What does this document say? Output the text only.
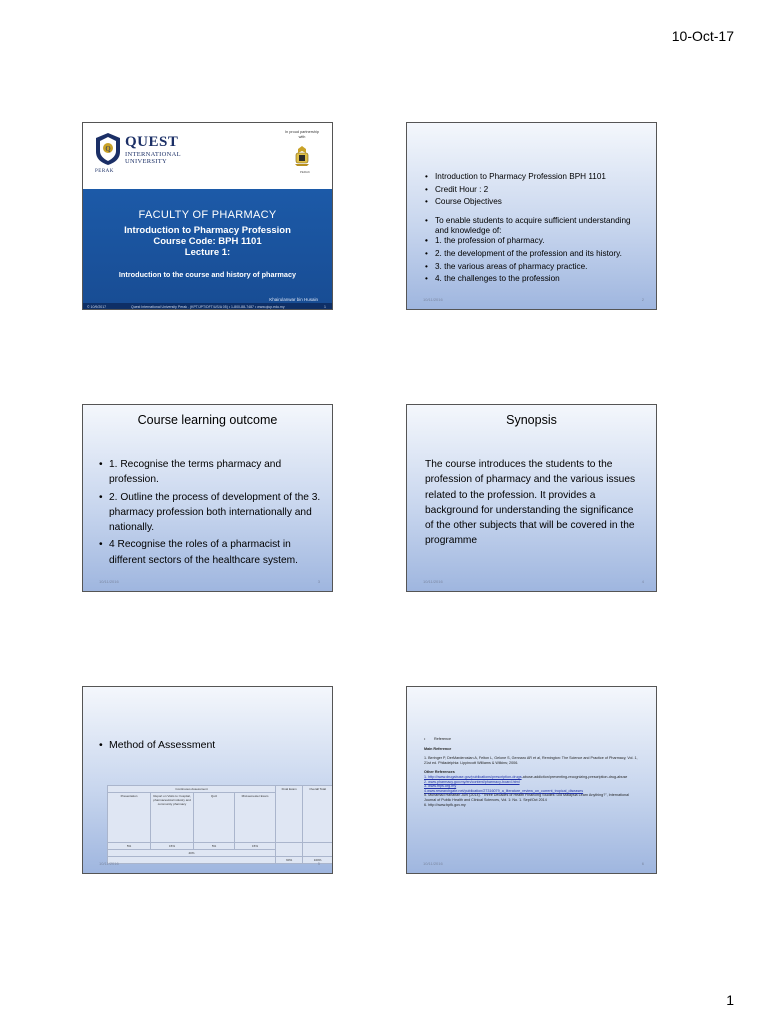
10-Oct-17
Q QUEST
INTERNATIONAL
UNIVERSITY
PERAK
In proud partnership with
PERAK
FACULTY OF PHARMACY
Introduction to Pharmacy Profession
Course Code: BPH 1101
Lecture 1:
Introduction to the course and history of pharmacy
Khairulanwar bin Husain
© 10/9/2017	Quest International University Perak . (KPT/JPT/DFT/US/A 05) • 1-800-88-7487 • www.qiup.edu.my	1
• Introduction to Pharmacy Profession BPH 1101
• Credit Hour : 2
• Course Objectives
• To enable students to acquire sufficient understanding and knowledge of:
• 1. the profession of pharmacy.
• 2. the development of the profession and its history.
• 3. the various areas of pharmacy practice.
• 4. the challenges to the profession
10/11/2016	2
Course learning outcome
• 1. Recognise the terms pharmacy and profession.
• 2. Outline the process of development of the 3. pharmacy profession both internationally and nationally.
• 4 Recognise the roles of a pharmacist in different sectors of the healthcare system.
10/11/2016	3
Synopsis
The course introduces the students to the profession of pharmacy and the various issues related to the profession. It provides a background for understanding the significance of the other subjects that will be covered in the programme
10/11/2016	4
• Method of Assessment
Continuous Assessment				Final Exam	Overall Total
Presentation	Report on Visits to: hospital, pharmaceutical industry and community pharmacy	Quiz	Mid-semester Exam		
5%	15%	5%	15%		
40%					
				60%	100%
10/11/2016	5

• Reference

Main Reference

1. Beringer P, DerMarderosian A, Felton L, Gelone S, Gennaro AR et al, Remington: The Science and Practice of Pharmacy, Vol. 1, 21st ed. Philadelphia: Lippincott Williams & Wilkins; 2006.

Other References

1. http://www.drugabuse.gov/publications/prescription-drugs-abuse-addiction/preventing-recognizing-prescription-drug-abuse

2. www.pharmacy.gov.my/en/content/pharmacy-board.html

3. www.mps.org.my

4.www.researchgate.net/publication/27316079_a_literature_review_on_current_tropical_diseases

5. Muhamad Hanafiah Juni (2014). "Three Decades of Health Financing Studies: Did Malaysia Learn Anything?", International Journal of Public Health and Clinical Sciences, Vol. 1: No. 1. Sept/Oct 2014

6. http://www.bpfk.gov.my

10/11/2016	6
1
